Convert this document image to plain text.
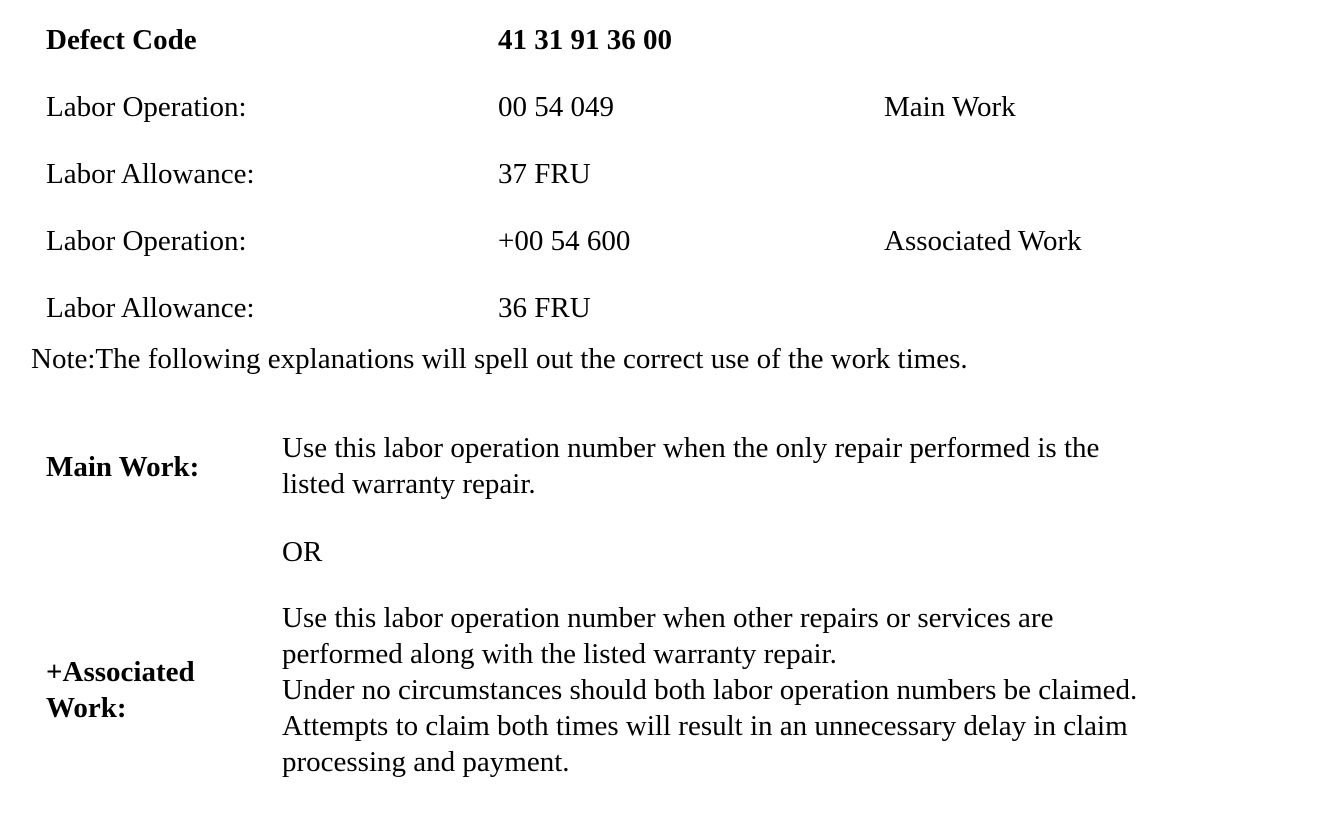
Defect Code	41 31 91 36 00
Labor Operation:	00 54 049	Main Work
Labor Allowance:	37 FRU
Labor Operation:	+00 54 600	Associated Work
Labor Allowance:	36 FRU
Note:The following explanations will spell out the correct use of the work times.
Main Work:
Use this labor operation number when the only repair performed is the
listed warranty repair.
OR
+Associated
Work:
Use this labor operation number when other repairs or services are
performed along with the listed warranty repair.
Under no circumstances should both labor operation numbers be claimed.
Attempts to claim both times will result in an unnecessary delay in claim
processing and payment.
